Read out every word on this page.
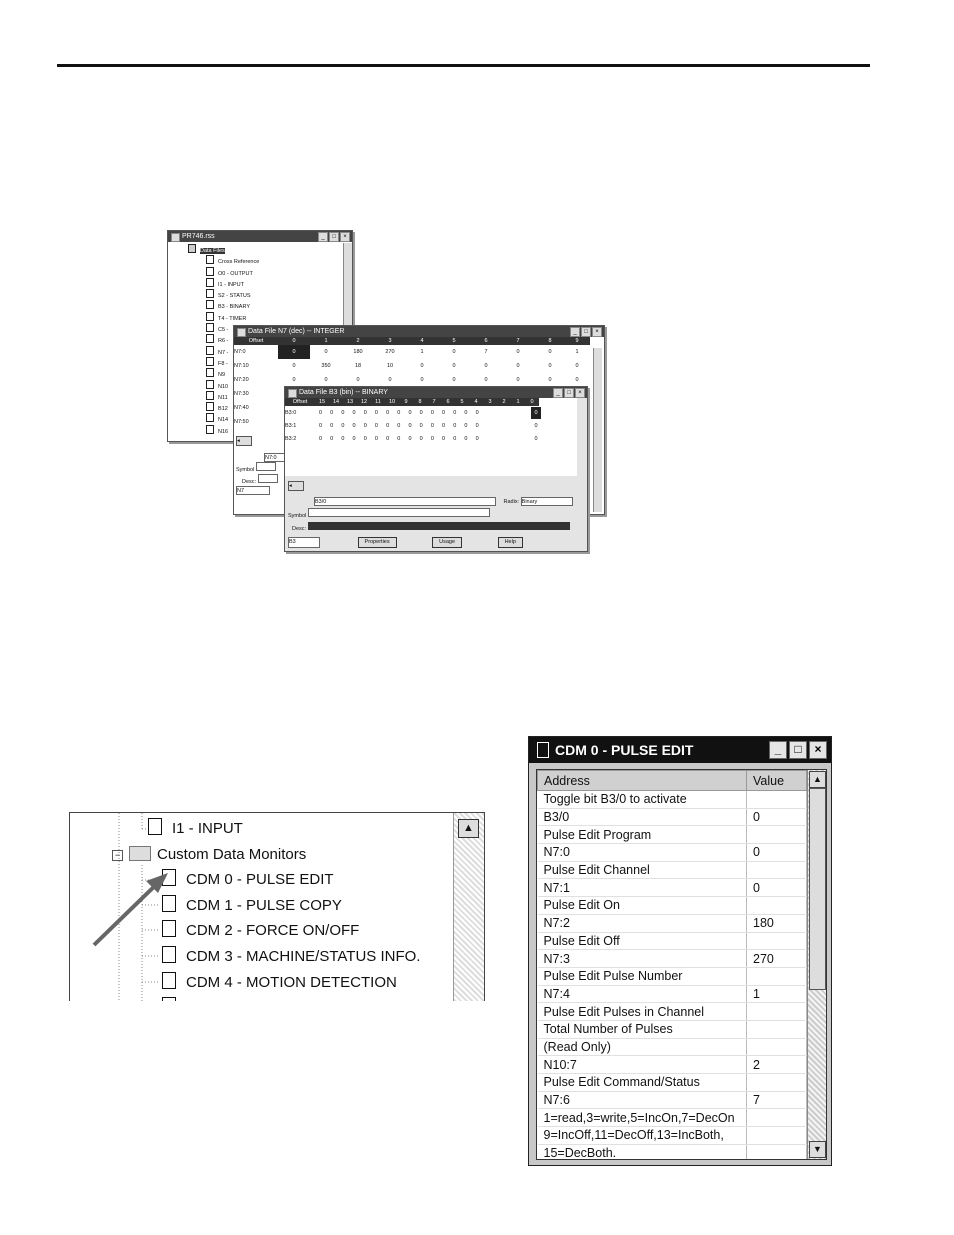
PR746.rss	_	□	×
Data Files
Cross Reference
O0 - OUTPUT
I1 - INPUT
S2 - STATUS
B3 - BINARY
T4 - TIMER
C5 -
R6 -
N7 -
F8 -
N9
N10
N11
B12
N14
N16
Data File N7 (dec) -- INTEGER	_	□	×
Offset	0	1	2	3	4	5	6	7	8	9
N7:0	0	0	180	270	1	0	7	0	0	1
N7:10	0	350	18	10	0	0	0	0	0	0
N7:20	0	0	0	0	0	0	0	0	0	0
N7:30
N7:40
N7:50
◂
N7:0
Symbol
Desc:
N7
Data File B3 (bin) -- BINARY	_	□	×
Offset	15	14	13	12	11	10	9	8	7	6	5	4	3	2	1	0
B3:0	0 0 0 0 0 0 0 0 0 0 0 0 0 0 0	0
B3:1	0 0 0 0 0 0 0 0 0 0 0 0 0 0 0	0
B3:2	0 0 0 0 0 0 0 0 0 0 0 0 0 0 0	0
◂
B3/0	Radix: Binary
Symbol
Desc:
B3	Properties	Usage	Help
I1 - INPUT
− Custom Data Monitors
CDM 0 - PULSE EDIT
CDM 1 - PULSE COPY
CDM 2 - FORCE ON/OFF
CDM 3 - MACHINE/STATUS INFO.
CDM 4 - MOTION DETECTION
▲
CDM 0 - PULSE EDIT	_	□	×
Address	Value
Toggle bit B3/0 to activate	
B3/0	0
Pulse Edit Program	
N7:0	0
Pulse Edit Channel	
N7:1	0
Pulse Edit On	
N7:2	180
Pulse Edit Off	
N7:3	270
Pulse Edit Pulse Number	
N7:4	1
Pulse Edit Pulses in Channel	
Total Number of Pulses	
(Read Only)	
N10:7	2
Pulse Edit Command/Status	
N7:6	7
1=read,3=write,5=IncOn,7=DecOn	
9=IncOff,11=DecOff,13=IncBoth,	
15=DecBoth.	

▲
▼
